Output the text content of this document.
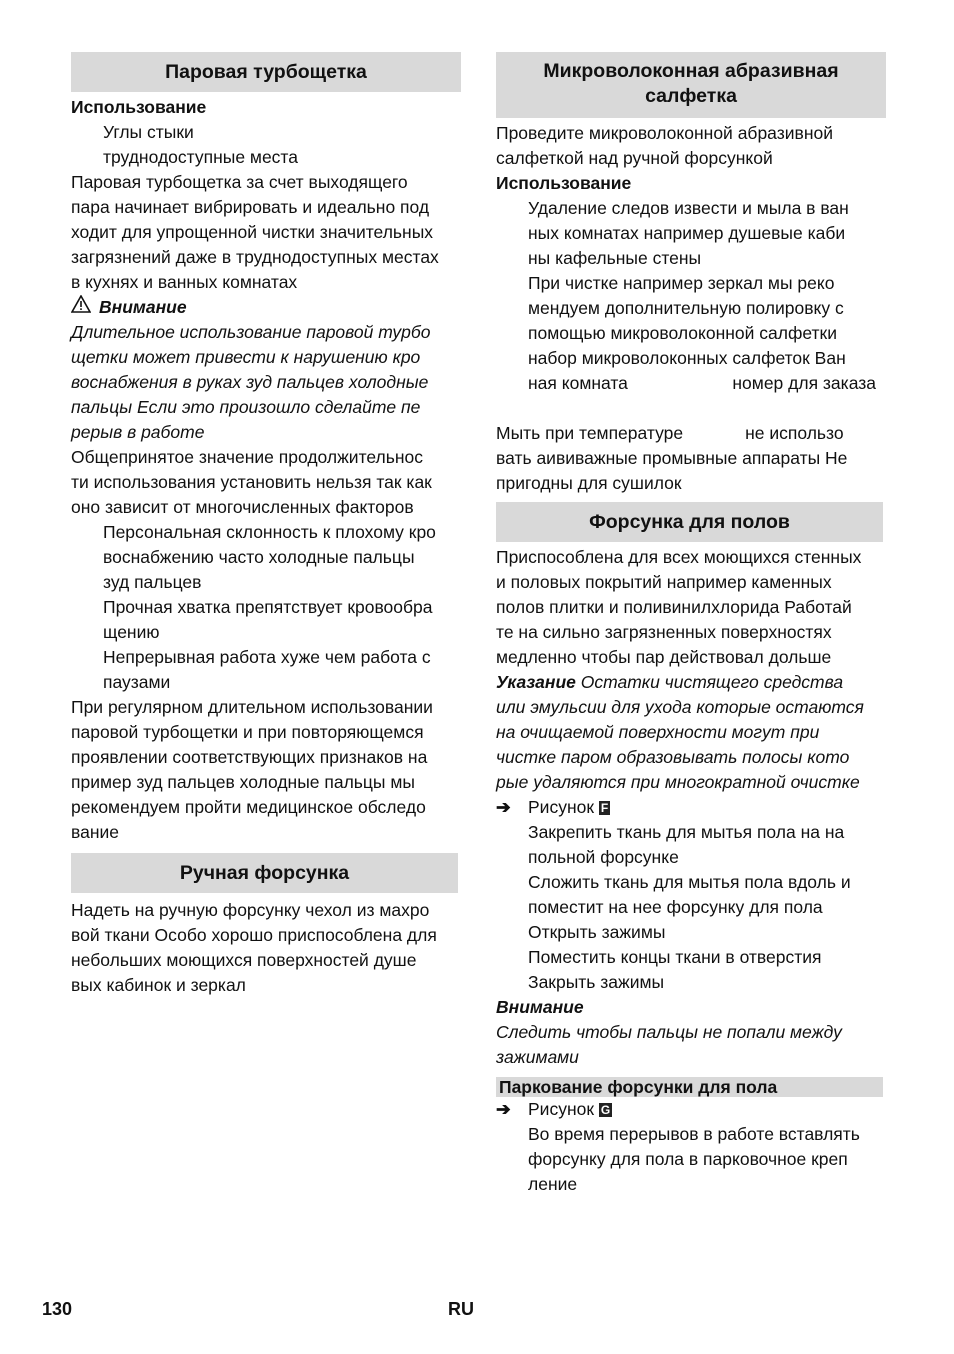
Паровая турбощетка
Использование
Углы стыки
труднодоступные места
Паровая турбощетка за счет выходящего
пара начинает вибрировать и идеально под
ходит для упрощенной чистки значительных
загрязнений даже в труднодоступных местах
в кухнях и ванных комнатах
Внимание
Длительное использование паровой турбо
щетки может привести к нарушению кро
воснабжения в руках зуд пальцев холодные
пальцы Если это произошло сделайте пе
рерыв в работе
Общепринятое значение продолжительнос
ти использования установить нельзя так как
оно зависит от многочисленных факторов
Персональная склонность к плохому кро
воснабжению часто холодные пальцы
зуд пальцев
Прочная хватка препятствует кровообра
щению
Непрерывная работа хуже чем работа с
паузами
При регулярном длительном использовании
паровой турбощетки и при повторяющемся
проявлении соответствующих признаков на
пример зуд пальцев холодные пальцы мы
рекомендуем пройти медицинское обследо
вание
Ручная форсунка
Надеть на ручную форсунку чехол из махро
вой ткани Особо хорошо приспособлена для
небольших моющихся поверхностей душе
вых кабинок и зеркал
Микроволоконная абразивная
салфетка
Проведите микроволоконной абразивной
салфеткой над ручной форсункой
Использование
Удаление следов извести и мыла в ван
ных комнатах например душевые каби
ны кафельные стены
При чистке например зеркал мы реко
мендуем дополнительную полировку с
помощью микроволоконной салфетки
набор микроволоконных салфеток Ван
ная комната	номер для заказа
Мыть при температуре	не использо
вать аививажные промывные аппараты Не
пригодны для сушилок
Форсунка для полов
Приспособлена для всех моющихся стенных
и половых покрытий например каменных
полов плитки и поливинилхлорида Работай
те на сильно загрязненных поверхностях
медленно чтобы пар действовал дольше
Указание Остатки чистящего средства
или эмульсии для ухода которые остаются
на очищаемой поверхности могут при
чистке паром образовывать полосы кото
рые удаляются при многократной очистке
➔ Рисунок F
Закрепить ткань для мытья пола на на
польной форсунке
Сложить ткань для мытья пола вдоль и
поместит на нее форсунку для пола
Открыть зажимы
Поместить концы ткани в отверстия
Закрыть зажимы
Внимание
Следить чтобы пальцы не попали между
зажимами
Паркование форсунки для пола
➔ Рисунок G
Во время перерывов в работе вставлять
форсунку для пола в парковочное креп
ление
130	RU
